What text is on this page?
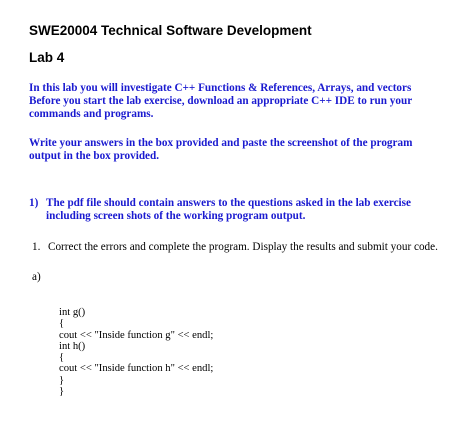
SWE20004 Technical Software Development
Lab 4
In this lab you will investigate C++ Functions & References, Arrays, and vectors
Before you start the lab exercise, download an appropriate C++ IDE to run your
commands and programs.
Write your answers in the box provided and paste the screenshot of the program
output in the box provided.
1) The pdf file should contain answers to the questions asked in the lab exercise
including screen shots of the working program output.
1. Correct the errors and complete the program. Display the results and submit your code.
a)
int g()
{
cout << "Inside function g" << endl;
int h()
{
cout << "Inside function h" << endl;
}
}
